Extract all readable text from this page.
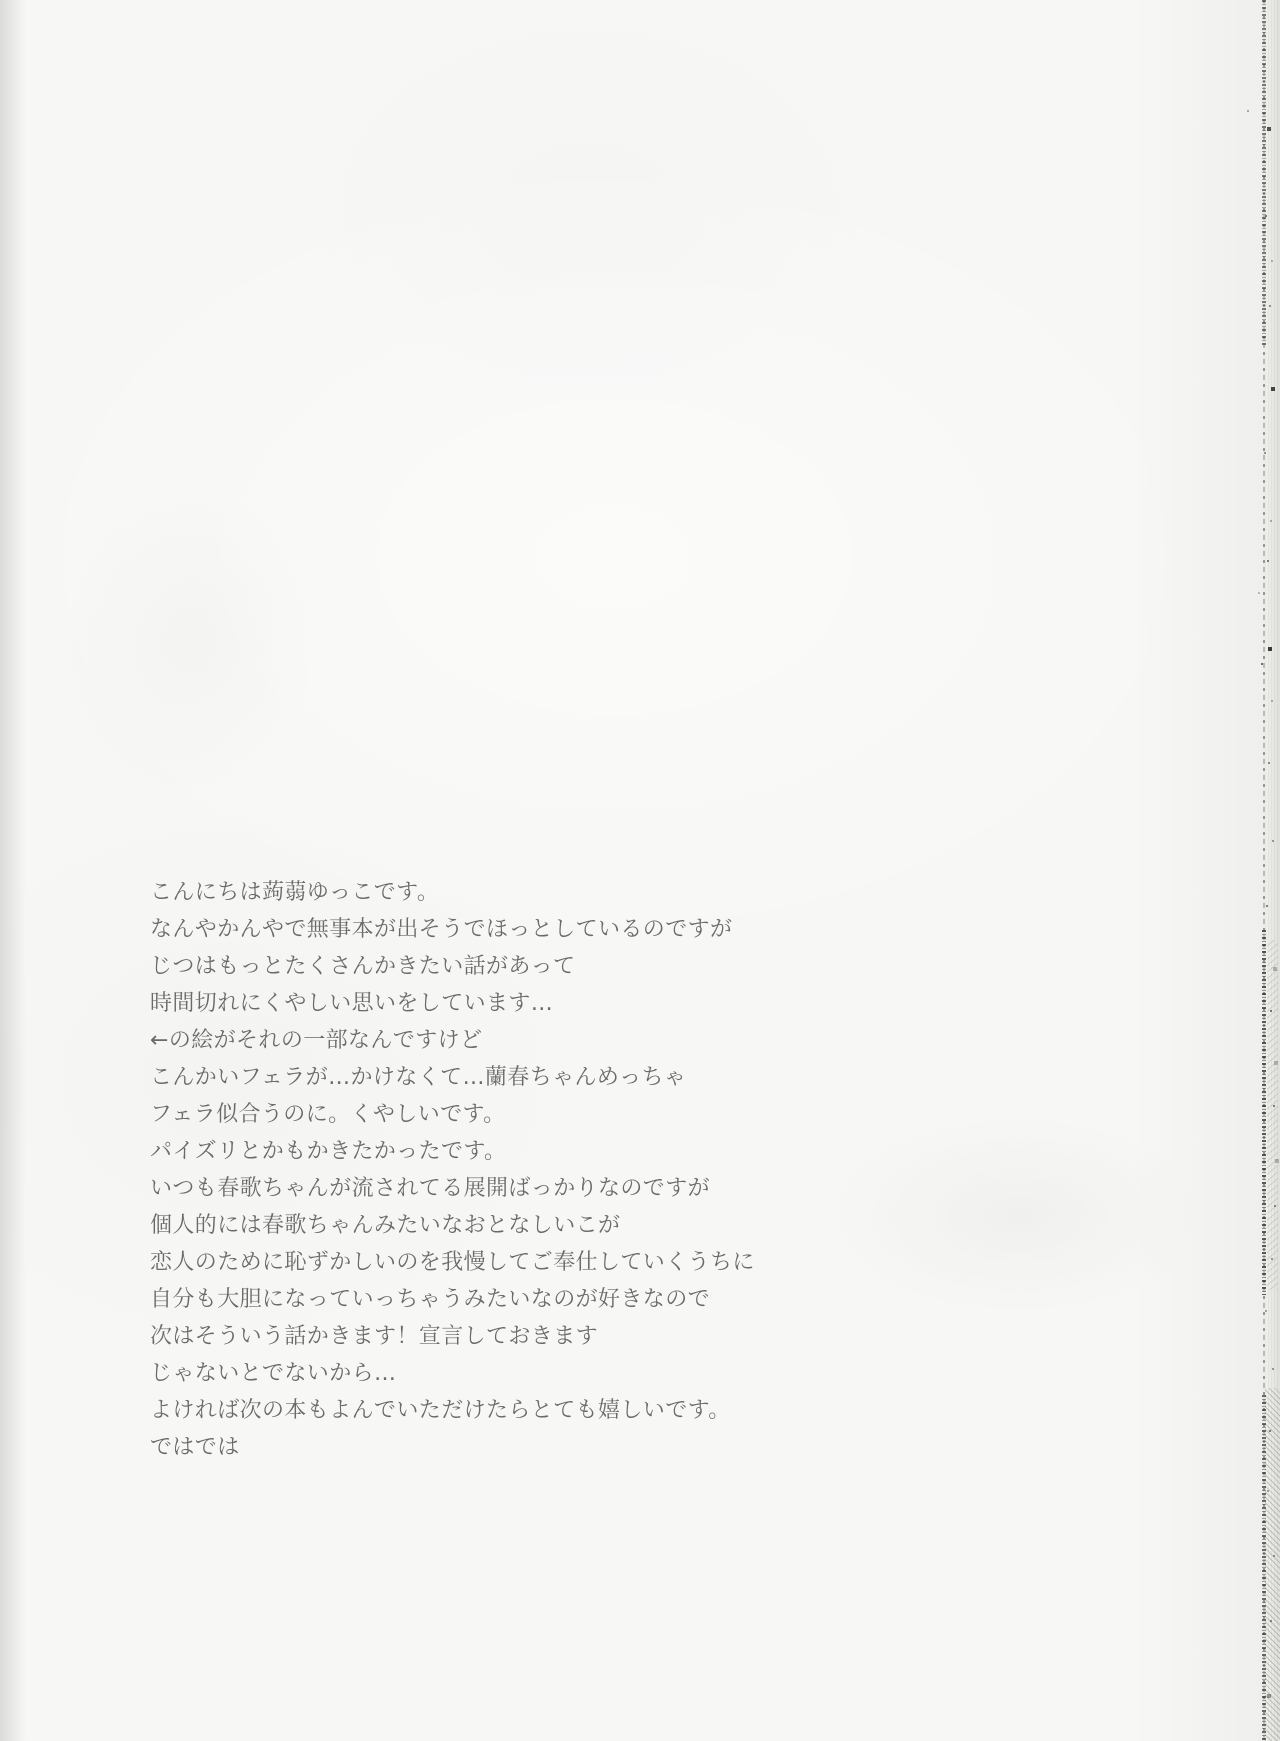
こんにちは蒟蒻ゆっこです。

なんやかんやで無事本が出そうでほっとしているのですが

じつはもっとたくさんかきたい話があって

時間切れにくやしい思いをしています…

←の絵がそれの一部なんですけど

こんかいフェラが…かけなくて…蘭春ちゃんめっちゃ

フェラ似合うのに。くやしいです。

パイズリとかもかきたかったです。

いつも春歌ちゃんが流されてる展開ばっかりなのですが

個人的には春歌ちゃんみたいなおとなしいこが

恋人のために恥ずかしいのを我慢してご奉仕していくうちに

自分も大胆になっていっちゃうみたいなのが好きなので

次はそういう話かきます！宣言しておきます

じゃないとでないから…

よければ次の本もよんでいただけたらとても嬉しいです。

ではでは
